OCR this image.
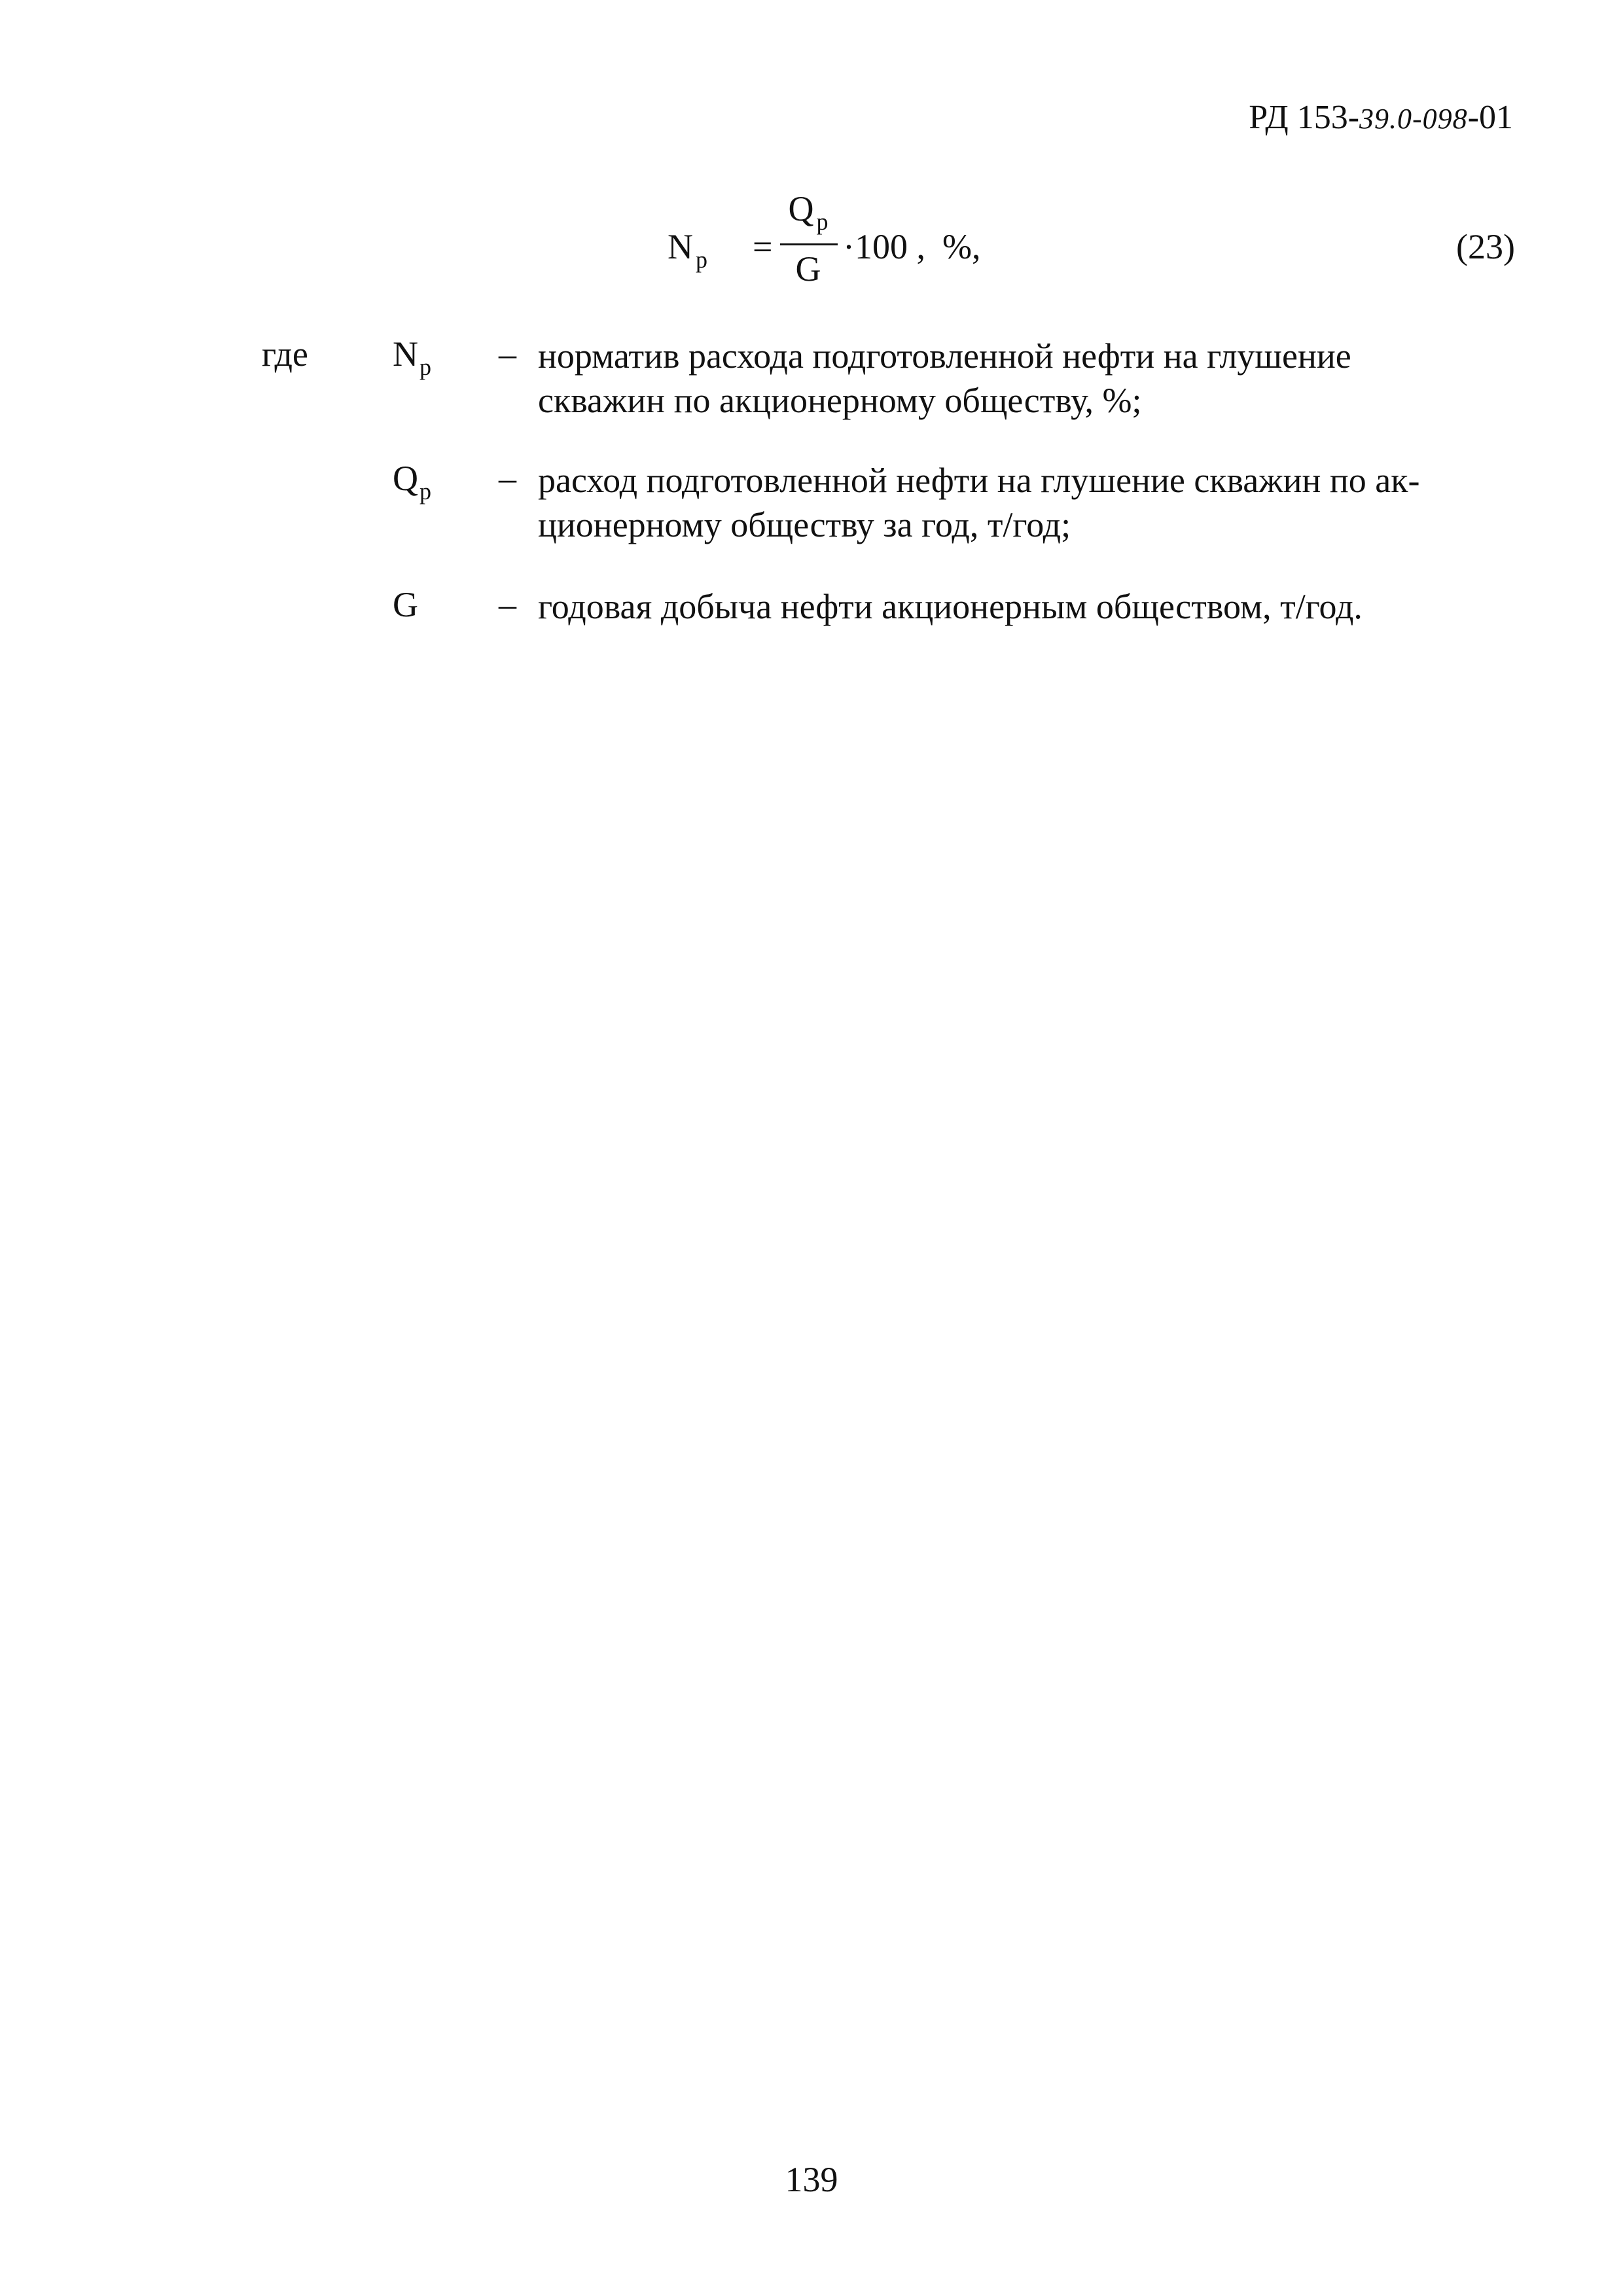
РД 153-39.0-098-01
N $_p$ =
Q $_p$
G
·100 , %,	(23)
где $N_p$ – норматив расхода подготовленной нефти на глушение
скважин по акционерному обществу, %;
$Q_p$ – расход подготовленной нефти на глушение скважин по ак-
ционерному обществу за год, т/год;
G – годовая добыча нефти акционерным обществом, т/год.
139
